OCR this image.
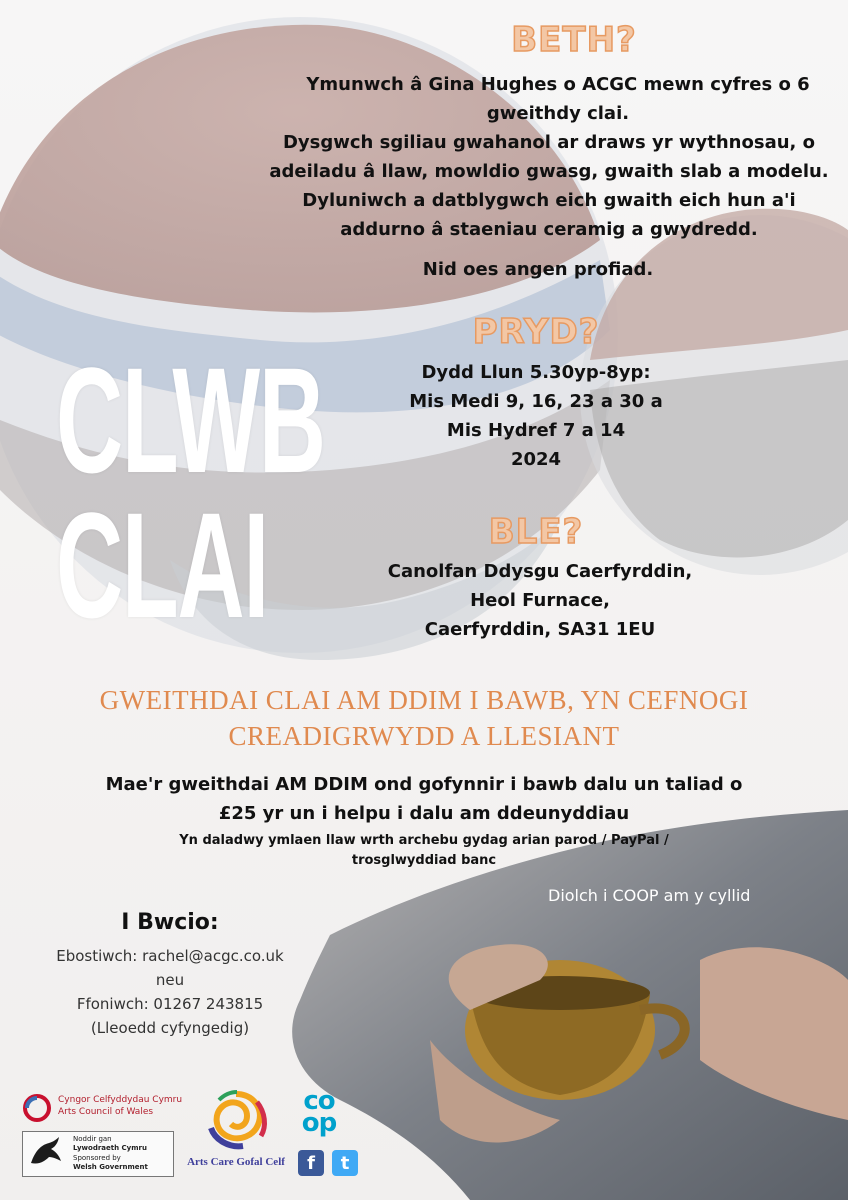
BETH?
Ymunwch â Gina Hughes o ACGC mewn cyfres o 6
gweithdy clai.
Dysgwch sgiliau gwahanol ar draws yr wythnosau, o
adeiladu â llaw, mowldio gwasg, gwaith slab a modelu.
Dyluniwch a datblygwch eich gwaith eich hun a'i
addurno â staeniau ceramig a gwydredd.
Nid oes angen profiad.
PRYD?
Dydd Llun 5.30yp-8yp:
Mis Medi 9, 16, 23 a 30 a
Mis Hydref 7 a 14
2024
CLWB
CLAI	BLE?
Canolfan Ddysgu Caerfyrddin,
Heol Furnace,
Caerfyrddin, SA31 1EU
GWEITHDAI CLAI AM DDIM I BAWB, YN CEFNOGI
CREADIGRWYDD A LLESIANT
Mae'r gweithdai AM DDIM ond gofynnir i bawb dalu un taliad o
£25 yr un i helpu i dalu am ddeunyddiau
Yn daladwy ymlaen llaw wrth archebu gydag arian parod / PayPal /
trosglwyddiad banc
Diolch i COOP am y cyllid
I Bwcio:
Ebostiwch: rachel@acgc.co.uk
neu
Ffoniwch: 01267 243815
(Lleoedd cyfyngedig)
Cyngor Celfyddydau Cymru
Arts Council of Wales
Noddir gan
Lywodraeth Cymru
Sponsored by
Welsh Government	Arts Care Gofal Celf
co
op
f	t
